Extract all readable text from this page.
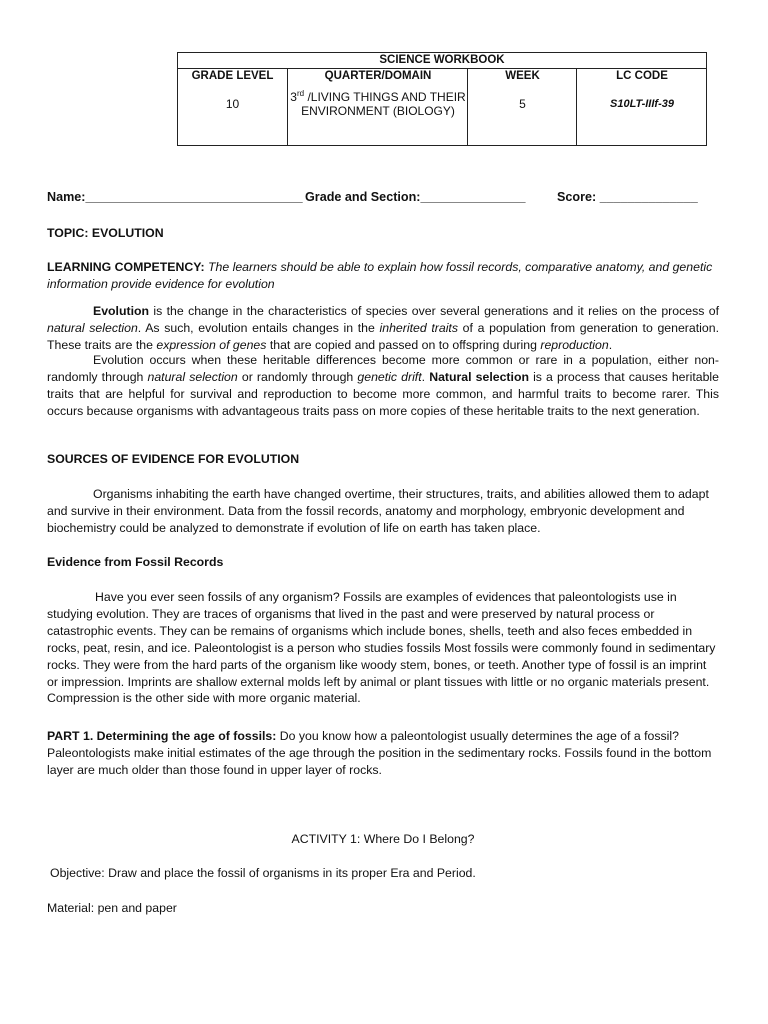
SCIENCE WORKBOOK
GRADE LEVEL
10
QUARTER/DOMAIN
3rd /LIVING THINGS AND THEIR ENVIRONMENT (BIOLOGY)
WEEK
5
LC CODE
S10LT-IIIf-39
Name:_______________________________ Grade and Section:_______________ Score: ______________
TOPIC: EVOLUTION
LEARNING COMPETENCY: The learners should be able to explain how fossil records, comparative anatomy, and genetic information provide evidence for evolution
Evolution is the change in the characteristics of species over several generations and it relies on the process of natural selection. As such, evolution entails changes in the inherited traits of a population from generation to generation. These traits are the expression of genes that are copied and passed on to offspring during reproduction.
Evolution occurs when these heritable differences become more common or rare in a population, either non-randomly through natural selection or randomly through genetic drift. Natural selection is a process that causes heritable traits that are helpful for survival and reproduction to become more common, and harmful traits to become rarer. This occurs because organisms with advantageous traits pass on more copies of these heritable traits to the next generation.
SOURCES OF EVIDENCE FOR EVOLUTION
Organisms inhabiting the earth have changed overtime, their structures, traits, and abilities allowed them to adapt and survive in their environment. Data from the fossil records, anatomy and morphology, embryonic development and biochemistry could be analyzed to demonstrate if evolution of life on earth has taken place.
Evidence from Fossil Records
Have you ever seen fossils of any organism? Fossils are examples of evidences that paleontologists use in studying evolution. They are traces of organisms that lived in the past and were preserved by natural process or catastrophic events. They can be remains of organisms which include bones, shells, teeth and also feces embedded in rocks, peat, resin, and ice. Paleontologist is a person who studies fossils Most fossils were commonly found in sedimentary rocks. They were from the hard parts of the organism like woody stem, bones, or teeth. Another type of fossil is an imprint or impression. Imprints are shallow external molds left by animal or plant tissues with little or no organic materials present. Compression is the other side with more organic material.
PART 1. Determining the age of fossils: Do you know how a paleontologist usually determines the age of a fossil? Paleontologists make initial estimates of the age through the position in the sedimentary rocks. Fossils found in the bottom layer are much older than those found in upper layer of rocks.
ACTIVITY 1: Where Do I Belong?
Objective: Draw and place the fossil of organisms in its proper Era and Period.
Material: pen and paper
